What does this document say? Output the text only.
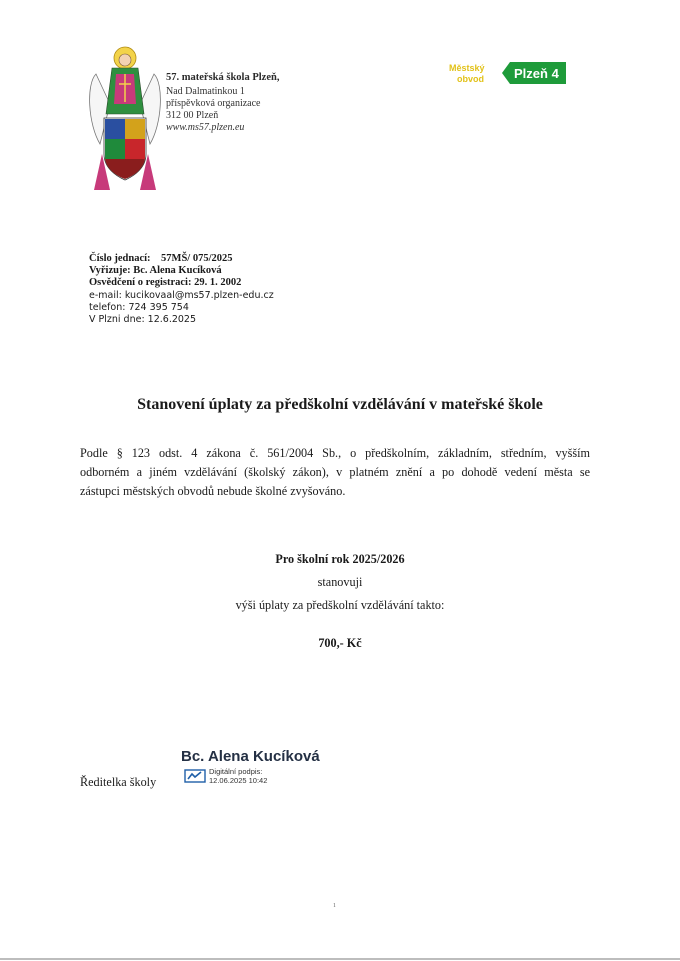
57. mateřská škola Plzeň,
Nad Dalmatinkou 1
příspěvková organizace
312 00 Plzeň
www.ms57.plzen.eu
Městský
obvod Plzeň 4
Číslo jednací: 57MŠ/ 075/2025
Vyřizuje: Bc. Alena Kucíková
Osvědčení o registraci: 29. 1. 2002
e-mail: kucikovaal@ms57.plzen-edu.cz
telefon: 724 395 754
V Plzni dne: 12.6.2025
Stanovení úplaty za předškolní vzdělávání v mateřské škole
Podle § 123 odst. 4 zákona č. 561/2004 Sb., o předškolním, základním, středním, vyšším
odborném a jiném vzdělávání (školský zákon), v platném znění a po dohodě vedení města se
zástupci městských obvodů nebude školné zvyšováno.
Pro školní rok 2025/2026
stanovuji
výši úplaty za předškolní vzdělávání takto:
700,- Kč
Bc. Alena Kucíková
Digitální podpis:
12.06.2025 10:42
Ředitelka školy
1
